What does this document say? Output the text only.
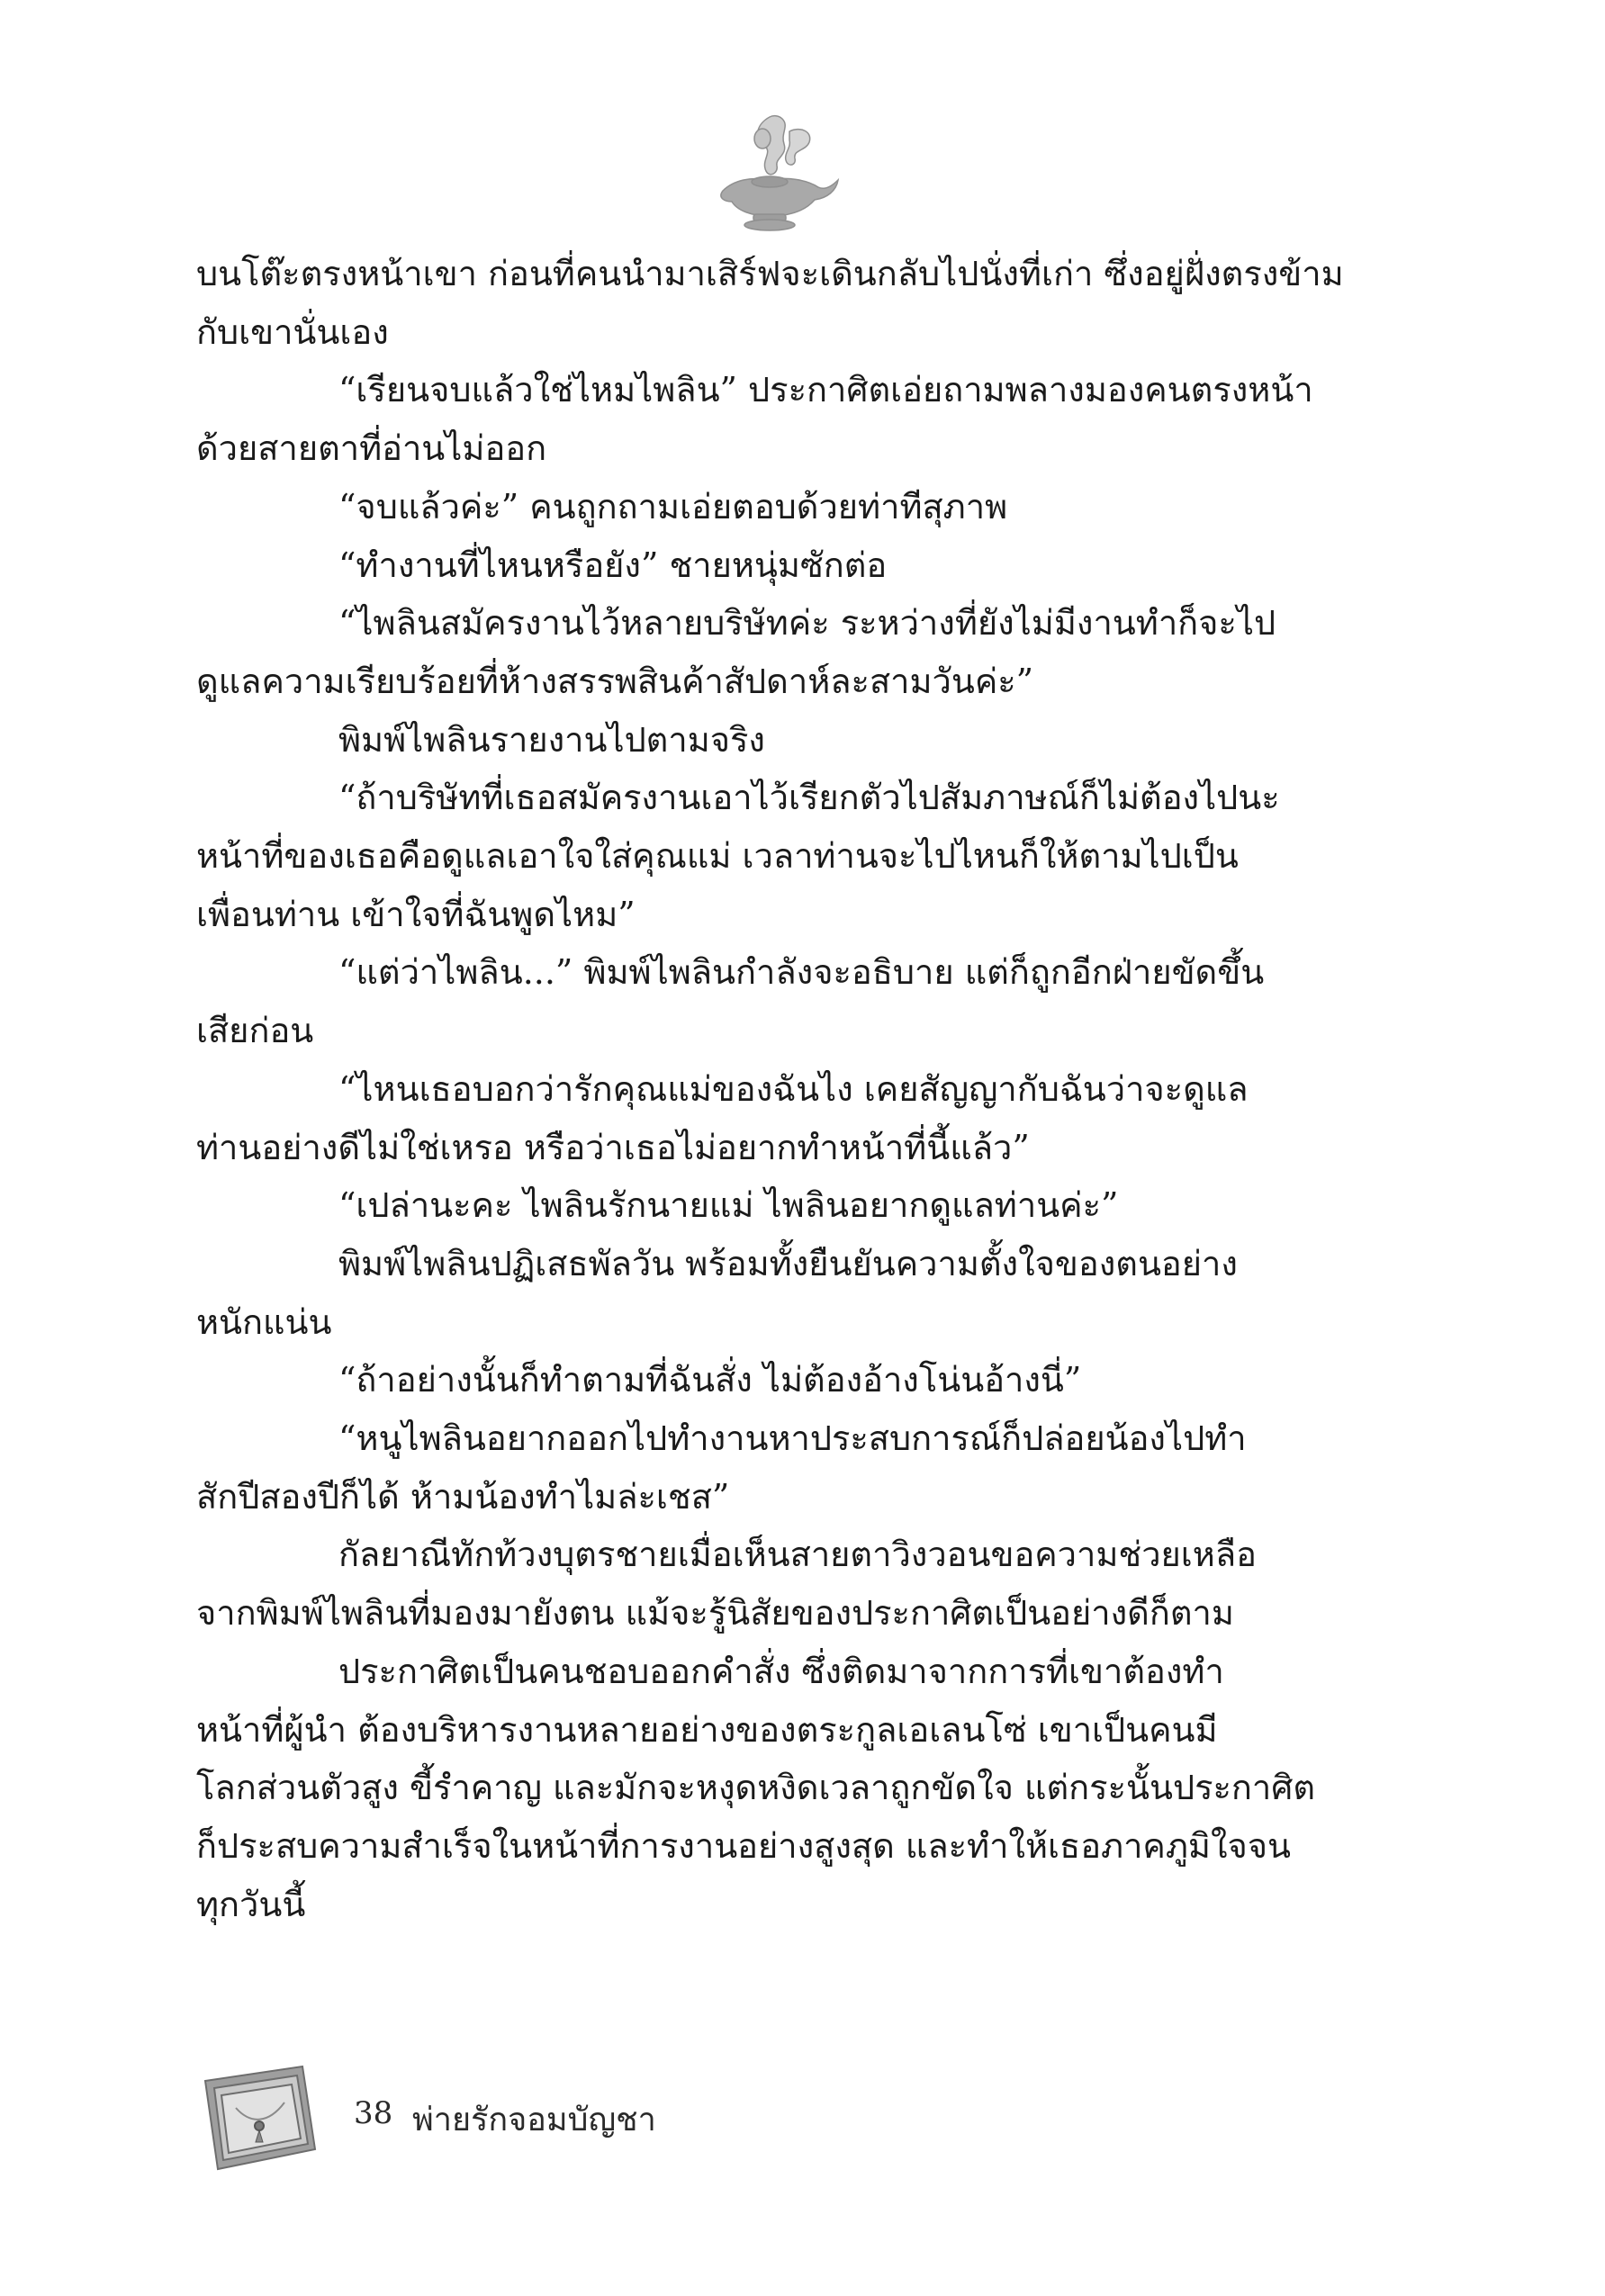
บนโต๊ะตรงหน้าเขา ก่อนที่คนนำมาเสิร์ฟจะเดินกลับไปนั่งที่เก่า ซึ่งอยู่ฝั่งตรงข้าม
กับเขานั่นเอง
“เรียนจบแล้วใช่ไหมไพลิน” ประกาศิตเอ่ยถามพลางมองคนตรงหน้า
ด้วยสายตาที่อ่านไม่ออก
“จบแล้วค่ะ” คนถูกถามเอ่ยตอบด้วยท่าทีสุภาพ
“ทำงานที่ไหนหรือยัง” ชายหนุ่มซักต่อ
“ไพลินสมัครงานไว้หลายบริษัทค่ะ ระหว่างที่ยังไม่มีงานทำก็จะไป
ดูแลความเรียบร้อยที่ห้างสรรพสินค้าสัปดาห์ละสามวันค่ะ”
พิมพ์ไพลินรายงานไปตามจริง
“ถ้าบริษัทที่เธอสมัครงานเอาไว้เรียกตัวไปสัมภาษณ์ก็ไม่ต้องไปนะ
หน้าที่ของเธอคือดูแลเอาใจใส่คุณแม่ เวลาท่านจะไปไหนก็ให้ตามไปเป็น
เพื่อนท่าน เข้าใจที่ฉันพูดไหม”
“แต่ว่าไพลิน...” พิมพ์ไพลินกำลังจะอธิบาย แต่ก็ถูกอีกฝ่ายขัดขึ้น
เสียก่อน
“ไหนเธอบอกว่ารักคุณแม่ของฉันไง เคยสัญญากับฉันว่าจะดูแล
ท่านอย่างดีไม่ใช่เหรอ หรือว่าเธอไม่อยากทำหน้าที่นี้แล้ว”
“เปล่านะคะ ไพลินรักนายแม่ ไพลินอยากดูแลท่านค่ะ”
พิมพ์ไพลินปฏิเสธพัลวัน พร้อมทั้งยืนยันความตั้งใจของตนอย่าง
หนักแน่น
“ถ้าอย่างนั้นก็ทำตามที่ฉันสั่ง ไม่ต้องอ้างโน่นอ้างนี่”
“หนูไพลินอยากออกไปทำงานหาประสบการณ์ก็ปล่อยน้องไปทำ
สักปีสองปีก็ได้ ห้ามน้องทำไมล่ะเชส”
กัลยาณีทักท้วงบุตรชายเมื่อเห็นสายตาวิงวอนขอความช่วยเหลือ
จากพิมพ์ไพลินที่มองมายังตน แม้จะรู้นิสัยของประกาศิตเป็นอย่างดีก็ตาม
ประกาศิตเป็นคนชอบออกคำสั่ง ซึ่งติดมาจากการที่เขาต้องทำ
หน้าที่ผู้นำ ต้องบริหารงานหลายอย่างของตระกูลเอเลนโซ่ เขาเป็นคนมี
โลกส่วนตัวสูง ขี้รำคาญ และมักจะหงุดหงิดเวลาถูกขัดใจ แต่กระนั้นประกาศิต
ก็ประสบความสำเร็จในหน้าที่การงานอย่างสูงสุด และทำให้เธอภาคภูมิใจจน
ทุกวันนี้
38 พ่ายรักจอมบัญชา
